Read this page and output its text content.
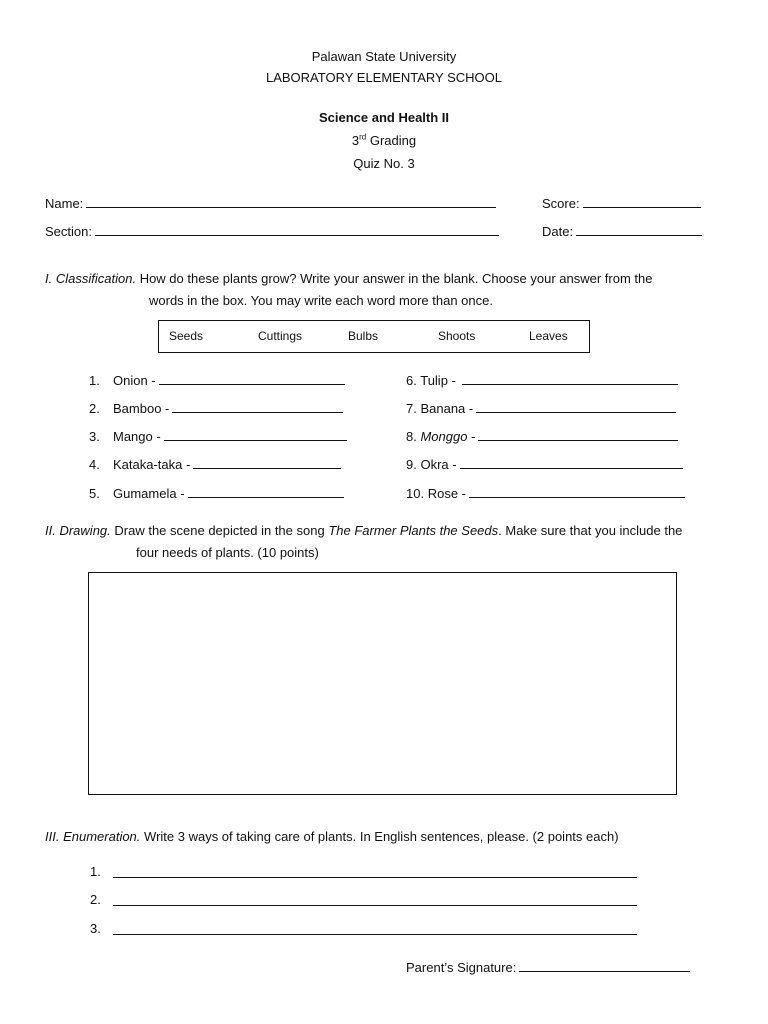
Palawan State University
LABORATORY ELEMENTARY SCHOOL
Science and Health II
3rd Grading
Quiz No. 3
Name:	Score:
Section:	Date:
I. Classification. How do these plants grow? Write your answer in the blank. Choose your answer from the
words in the box. You may write each word more than once.
Seeds	Cuttings	Bulbs	Shoots	Leaves
1. Onion -
2. Bamboo -
3. Mango -
4. Kataka-taka -
5. Gumamela -
6. Tulip -
7. Banana -
8. Monggo -
9. Okra -
10. Rose -
II. Drawing. Draw the scene depicted in the song The Farmer Plants the Seeds. Make sure that you include the
four needs of plants. (10 points)
III. Enumeration. Write 3 ways of taking care of plants. In English sentences, please. (2 points each)
1.
2.
3.
Parent’s Signature:
